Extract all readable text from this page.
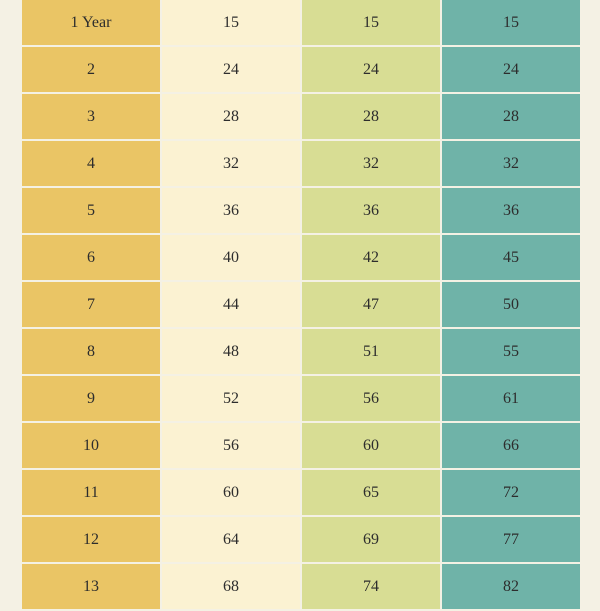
1 Year	15	15	15
2	24	24	24
3	28	28	28
4	32	32	32
5	36	36	36
6	40	42	45
7	44	47	50
8	48	51	55
9	52	56	61
10	56	60	66
11	60	65	72
12	64	69	77
13	68	74	82
